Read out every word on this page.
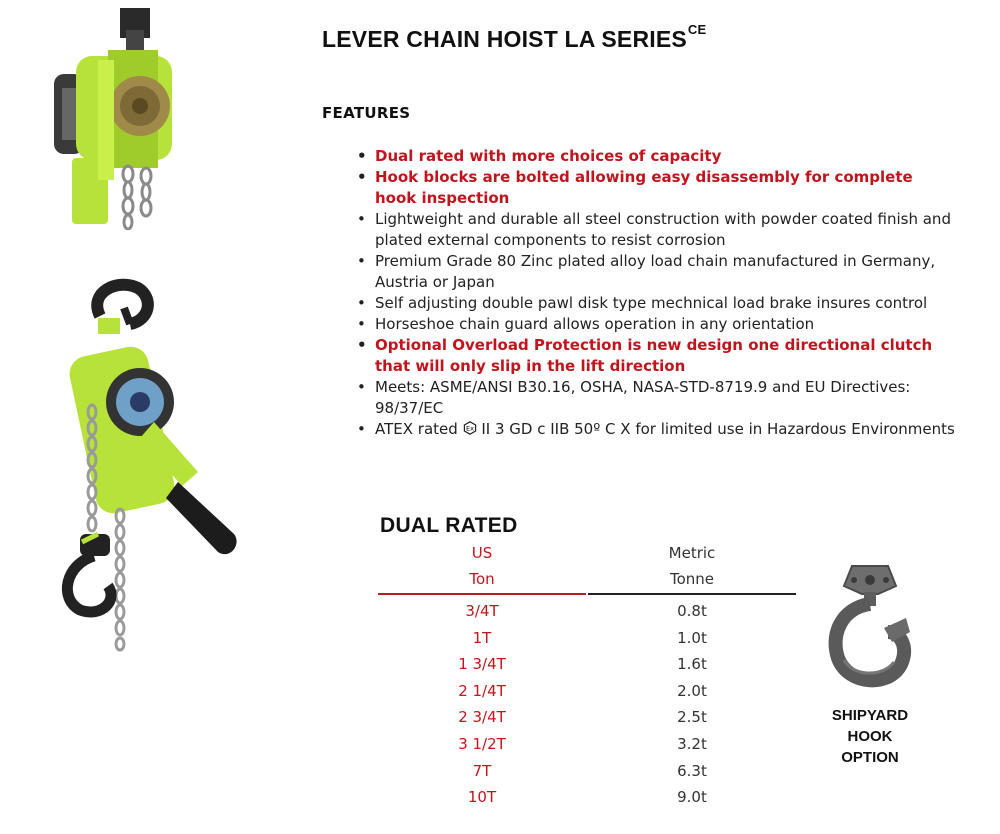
LEVER CHAIN HOIST LA $SERIES^{CE}$
FEATURES
• Dual rated with more choices of capacity
• Hook blocks are bolted allowing easy disassembly for complete hook inspection
• Lightweight and durable all steel construction with powder coated finish and plated external components to resist corrosion
• Premium Grade 80 Zinc plated alloy load chain manufactured in Germany, Austria or Japan
• Self adjusting double pawl disk type mechnical load brake insures control
• Horseshoe chain guard allows operation in any orientation
• Optional Overload Protection is new design one directional clutch that will only slip in the lift direction
• Meets: ASME/ANSI B30.16, OSHA, NASA-STD-8719.9 and EU Directives: 98/37/EC
• ATEX rated Ex II 3 GD c IIB 50º C X for limited use in Hazardous Environments
DUAL RATED
US
Ton
Metric
Tonne
3/4T	0.8t
1T	1.0t
1 3/4T	1.6t
2 1/4T	2.0t
2 3/4T	2.5t
3 1/2T	3.2t
7T	6.3t
10T	9.0t
SHIPYARD
HOOK
OPTION
